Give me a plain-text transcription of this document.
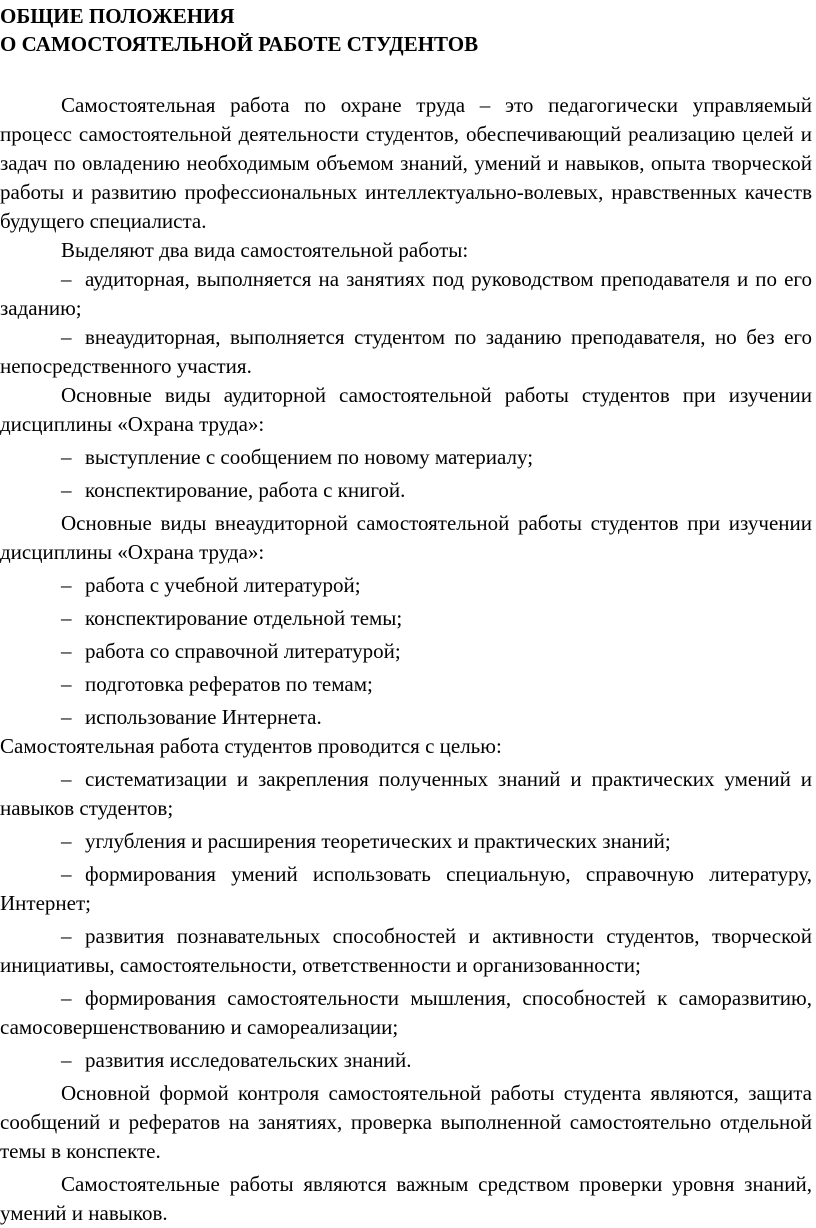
ОБЩИЕ ПОЛОЖЕНИЯ

О САМОСТОЯТЕЛЬНОЙ РАБОТЕ СТУДЕНТОВ

Самостоятельная работа по охране труда – это педагогически управляемый процесс самостоятельной деятельности студентов, обеспечивающий реализацию целей и задач по овладению необходимым объемом знаний, умений и навыков, опыта творческой работы и развитию профессиональных интеллектуально-волевых, нравственных качеств будущего специалиста.

Выделяют два вида самостоятельной работы:

– аудиторная, выполняется на занятиях под руководством преподавателя и по его заданию;

– внеаудиторная, выполняется студентом по заданию преподавателя, но без его непосредственного участия.

Основные виды аудиторной самостоятельной работы студентов при изучении дисциплины «Охрана труда»:

– выступление с сообщением по новому материалу;

– конспектирование, работа с книгой.

Основные виды внеаудиторной самостоятельной работы студентов при изучении дисциплины «Охрана труда»:

– работа с учебной литературой;

– конспектирование отдельной темы;

– работа со справочной литературой;

– подготовка рефератов по темам;

– использование Интернета.

Самостоятельная работа студентов проводится с целью:

– систематизации и закрепления полученных знаний и практических умений и навыков студентов;

– углубления и расширения теоретических и практических знаний;

– формирования умений использовать специальную, справочную литературу, Интернет;

– развития познавательных способностей и активности студентов, творческой инициативы, самостоятельности, ответственности и организованности;

– формирования самостоятельности мышления, способностей к саморазвитию, самосовершенствованию и самореализации;

– развития исследовательских знаний.

Основной формой контроля самостоятельной работы студента являются, защита сообщений и рефератов на занятиях, проверка выполненной самостоятельно отдельной темы в конспекте.

Самостоятельные работы являются важным средством проверки уровня знаний, умений и навыков.
